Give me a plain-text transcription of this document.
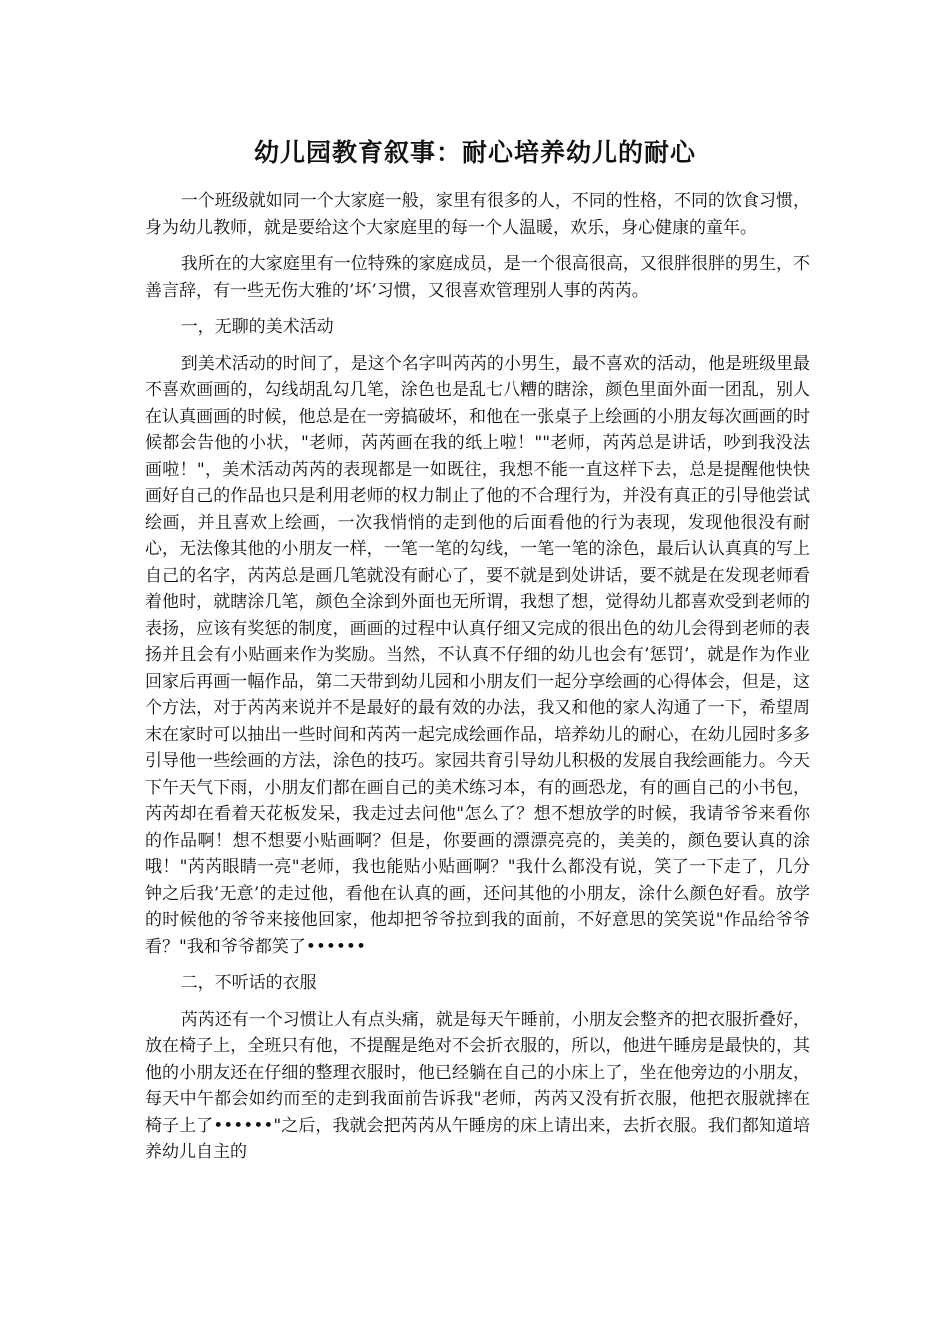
幼儿园教育叙事：耐心培养幼儿的耐心

一个班级就如同一个大家庭一般，家里有很多的人，不同的性格，不同的饮食习惯，身为幼儿教师，就是要给这个大家庭里的每一个人温暖，欢乐，身心健康的童年。

我所在的大家庭里有一位特殊的家庭成员，是一个很高很高，又很胖很胖的男生，不善言辞，有一些无伤大雅的’坏’习惯，又很喜欢管理别人事的芮芮。

一，无聊的美术活动

到美术活动的时间了，是这个名字叫芮芮的小男生，最不喜欢的活动，他是班级里最不喜欢画画的，勾线胡乱勾几笔，涂色也是乱七八糟的瞎涂，颜色里面外面一团乱，别人在认真画画的时候，他总是在一旁搞破坏，和他在一张桌子上绘画的小朋友每次画画的时候都会告他的小状，"老师，芮芮画在我的纸上啦！""老师，芮芮总是讲话，吵到我没法画啦！"，美术活动芮芮的表现都是一如既往，我想不能一直这样下去，总是提醒他快快画好自己的作品也只是利用老师的权力制止了他的不合理行为，并没有真正的引导他尝试绘画，并且喜欢上绘画，一次我悄悄的走到他的后面看他的行为表现，发现他很没有耐心，无法像其他的小朋友一样，一笔一笔的勾线，一笔一笔的涂色，最后认认真真的写上自己的名字，芮芮总是画几笔就没有耐心了，要不就是到处讲话，要不就是在发现老师看着他时，就瞎涂几笔，颜色全涂到外面也无所谓，我想了想，觉得幼儿都喜欢受到老师的表扬，应该有奖惩的制度，画画的过程中认真仔细又完成的很出色的幼儿会得到老师的表扬并且会有小贴画来作为奖励。当然，不认真不仔细的幼儿也会有’惩罚’，就是作为作业回家后再画一幅作品，第二天带到幼儿园和小朋友们一起分享绘画的心得体会，但是，这个方法，对于芮芮来说并不是最好的最有效的办法，我又和他的家人沟通了一下，希望周末在家时可以抽出一些时间和芮芮一起完成绘画作品，培养幼儿的耐心，在幼儿园时多多引导他一些绘画的方法，涂色的技巧。家园共育引导幼儿积极的发展自我绘画能力。今天下午天气下雨，小朋友们都在画自己的美术练习本，有的画恐龙，有的画自己的小书包，芮芮却在看着天花板发呆，我走过去问他"怎么了？想不想放学的时候，我请爷爷来看你的作品啊！想不想要小贴画啊？但是，你要画的漂漂亮亮的，美美的，颜色要认真的涂哦！"芮芮眼睛一亮"老师，我也能贴小贴画啊？"我什么都没有说，笑了一下走了，几分钟之后我’无意’的走过他，看他在认真的画，还问其他的小朋友，涂什么颜色好看。放学的时候他的爷爷来接他回家，他却把爷爷拉到我的面前，不好意思的笑笑说"作品给爷爷看？"我和爷爷都笑了••••••

二，不听话的衣服

芮芮还有一个习惯让人有点头痛，就是每天午睡前，小朋友会整齐的把衣服折叠好，放在椅子上，全班只有他，不提醒是绝对不会折衣服的，所以，他进午睡房是最快的，其他的小朋友还在仔细的整理衣服时，他已经躺在自己的小床上了，坐在他旁边的小朋友，每天中午都会如约而至的走到我面前告诉我"老师，芮芮又没有折衣服，他把衣服就摔在椅子上了••••••"之后，我就会把芮芮从午睡房的床上请出来，去折衣服。我们都知道培养幼儿自主的
